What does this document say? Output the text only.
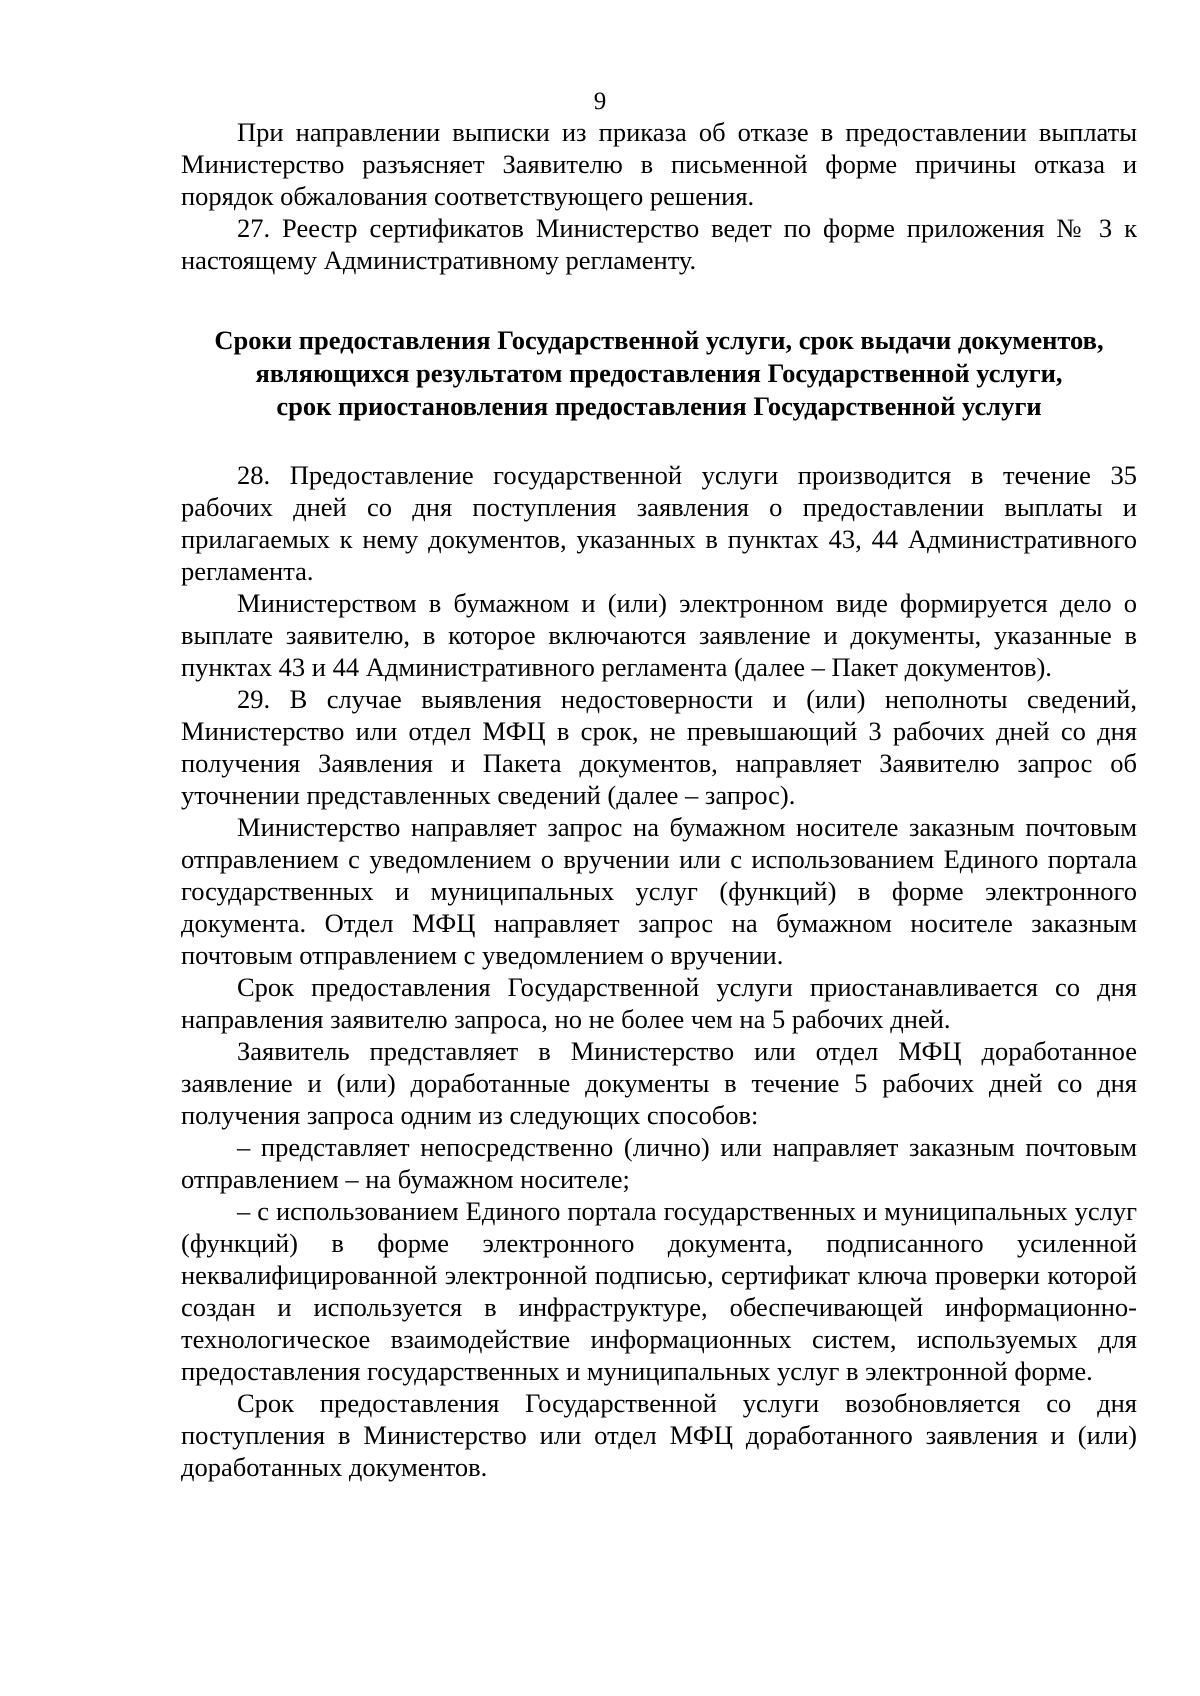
9

При направлении выписки из приказа об отказе в предоставлении выплаты Министерство разъясняет Заявителю в письменной форме причины отказа и порядок обжалования соответствующего решения.

27. Реестр сертификатов Министерство ведет по форме приложения № 3 к настоящему Административному регламенту.

Сроки предоставления Государственной услуги, срок выдачи документов,
являющихся результатом предоставления Государственной услуги,
срок приостановления предоставления Государственной услуги

28. Предоставление государственной услуги производится в течение 35 рабочих дней со дня поступления заявления о предоставлении выплаты и прилагаемых к нему документов, указанных в пунктах 43, 44 Административного регламента.

Министерством в бумажном и (или) электронном виде формируется дело о выплате заявителю, в которое включаются заявление и документы, указанные в пунктах 43 и 44 Административного регламента (далее – Пакет документов).

29. В случае выявления недостоверности и (или) неполноты сведений, Министерство или отдел МФЦ в срок, не превышающий 3 рабочих дней со дня получения Заявления и Пакета документов, направляет Заявителю запрос об уточнении представленных сведений (далее – запрос).

Министерство направляет запрос на бумажном носителе заказным почтовым отправлением с уведомлением о вручении или с использованием Единого портала государственных и муниципальных услуг (функций) в форме электронного документа. Отдел МФЦ направляет запрос на бумажном носителе заказным почтовым отправлением с уведомлением о вручении.

Срок предоставления Государственной услуги приостанавливается со дня направления заявителю запроса, но не более чем на 5 рабочих дней.

Заявитель представляет в Министерство или отдел МФЦ доработанное заявление и (или) доработанные документы в течение 5 рабочих дней со дня получения запроса одним из следующих способов:

– представляет непосредственно (лично) или направляет заказным почтовым отправлением – на бумажном носителе;

– с использованием Единого портала государственных и муниципальных услуг (функций) в форме электронного документа, подписанного усиленной неквалифицированной электронной подписью, сертификат ключа проверки которой создан и используется в инфраструктуре, обеспечивающей информационно-технологическое взаимодействие информационных систем, используемых для предоставления государственных и муниципальных услуг в электронной форме.

Срок предоставления Государственной услуги возобновляется со дня поступления в Министерство или отдел МФЦ доработанного заявления и (или) доработанных документов.
